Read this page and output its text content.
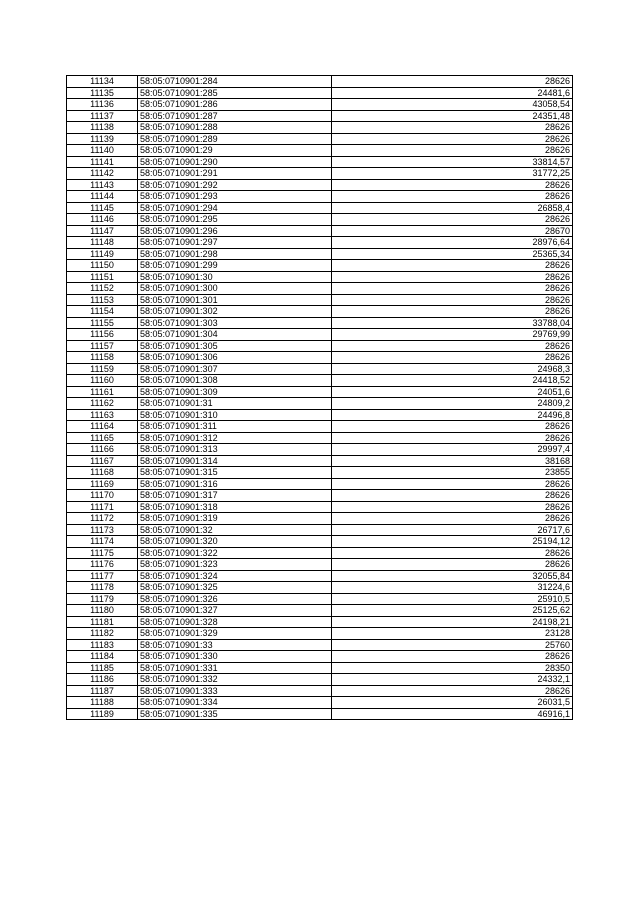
11134	58:05:0710901:284	28626
11135	58:05:0710901:285	24481,6
11136	58:05:0710901:286	43058,54
11137	58:05:0710901:287	24351,48
11138	58:05:0710901:288	28626
11139	58:05:0710901:289	28626
11140	58:05:0710901:29	28626
11141	58:05:0710901:290	33814,57
11142	58:05:0710901:291	31772,25
11143	58:05:0710901:292	28626
11144	58:05:0710901:293	28626
11145	58:05:0710901:294	26858,4
11146	58:05:0710901:295	28626
11147	58:05:0710901:296	28670
11148	58:05:0710901:297	28976,64
11149	58:05:0710901:298	25365,34
11150	58:05:0710901:299	28626
11151	58:05:0710901:30	28626
11152	58:05:0710901:300	28626
11153	58:05:0710901:301	28626
11154	58:05:0710901:302	28626
11155	58:05:0710901:303	33788,04
11156	58:05:0710901:304	29769,99
11157	58:05:0710901:305	28626
11158	58:05:0710901:306	28626
11159	58:05:0710901:307	24968,3
11160	58:05:0710901:308	24418,52
11161	58:05:0710901:309	24051,6
11162	58:05:0710901:31	24809,2
11163	58:05:0710901:310	24496,8
11164	58:05:0710901:311	28626
11165	58:05:0710901:312	28626
11166	58:05:0710901:313	29997,4
11167	58:05:0710901:314	38168
11168	58:05:0710901:315	23855
11169	58:05:0710901:316	28626
11170	58:05:0710901:317	28626
11171	58:05:0710901:318	28626
11172	58:05:0710901:319	28626
11173	58:05:0710901:32	26717,6
11174	58:05:0710901:320	25194,12
11175	58:05:0710901:322	28626
11176	58:05:0710901:323	28626
11177	58:05:0710901:324	32055,84
11178	58:05:0710901:325	31224,6
11179	58:05:0710901:326	25910,5
11180	58:05:0710901:327	25125,62
11181	58:05:0710901:328	24198,21
11182	58:05:0710901:329	23128
11183	58:05:0710901:33	25760
11184	58:05:0710901:330	28626
11185	58:05:0710901:331	28350
11186	58:05:0710901:332	24332,1
11187	58:05:0710901:333	28626
11188	58:05:0710901:334	26031,5
11189	58:05:0710901:335	46916,1
